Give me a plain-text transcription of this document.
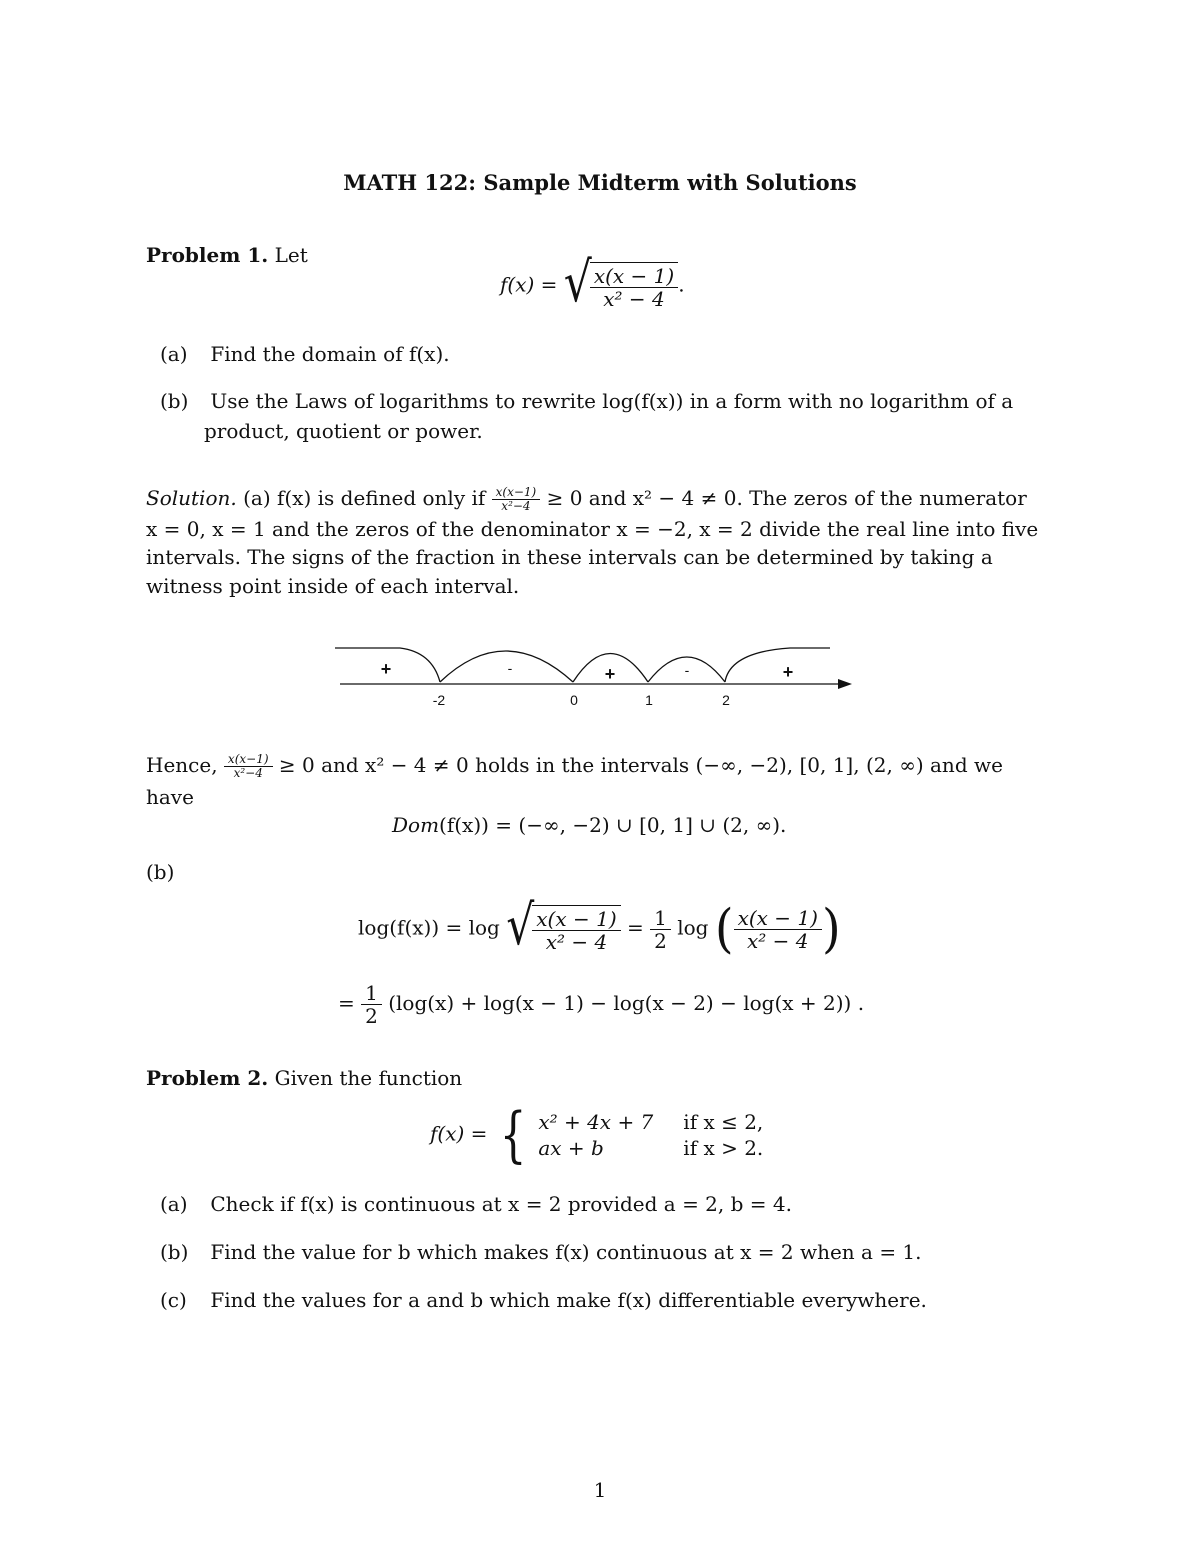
MATH 122: Sample Midterm with Solutions
Problem 1. Let
f(x) = √
$\frac{x(x - 1)}{\text{x² − 4}}$ .
(a) Find the domain of f(x).
(b) Use the Laws of logarithms to rewrite log(f(x)) in a form with no logarithm of a
product, quotient or power.
Solution. (a) f(x) is defined only if $\frac{x(x-1)}{\text{x²−4}} \ge 0$ and x² − 4 ≠ 0. The zeros of the numerator
x = 0, x = 1 and the zeros of the denominator x = −2, x = 2 divide the real line into five
intervals. The signs of the fraction in these intervals can be determined by taking a
witness point inside of each interval.
+	-	+	-	+
-2	0	1	2
Hence, $\frac{x(x-1)}{\text{x²−4}} \ge 0$ and x² − 4 ≠ 0 holds in the intervals (−∞, −2), [0, 1], (2, ∞) and we
have
Dom(f(x)) = (−∞, −2) ∪ [0, 1] ∪ (2, ∞).
(b)
log(f(x)) = log √
$\frac{x(x - 1)}{\text{x² − 4}} = \frac{1}{2}$ log ( $\frac{x(x - 1)}{\text{x² − 4}}$ )
= $\frac{1}{2} (\log(x) + \log(x - 1) - \log(x - 2) - \log(x + 2))$ .
Problem 2. Given the function
f(x) = { x² + 4x + 7 if x ≤ 2,
ax + b	if x > 2.
(a) Check if f(x) is continuous at x = 2 provided a = 2, b = 4.
(b) Find the value for b which makes f(x) continuous at x = 2 when a = 1.
(c) Find the values for a and b which make f(x) differentiable everywhere.
1
